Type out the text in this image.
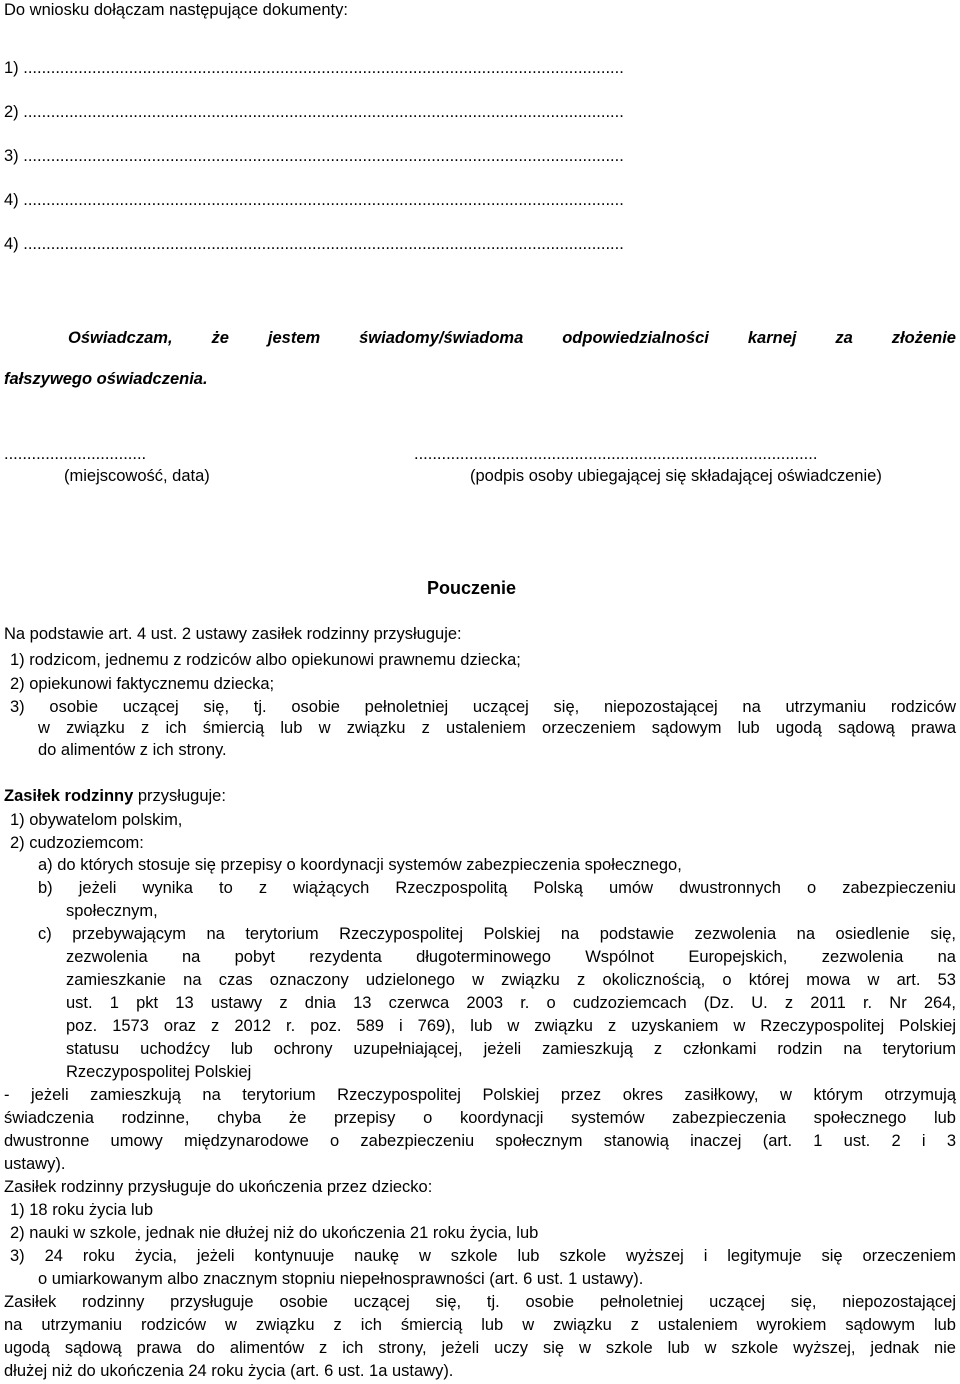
Do wniosku dołączam następujące dokumenty:
1) ...................................................................................................................................
2) ...................................................................................................................................
3) ...................................................................................................................................
4) ...................................................................................................................................
4) ...................................................................................................................................
Oświadczam, że jestem świadomy/świadoma odpowiedzialności karnej za złożenie
fałszywego oświadczenia.
...............................
(miejscowość, data)
........................................................................................
(podpis osoby ubiegającej się składającej oświadczenie)
Pouczenie
Na podstawie art. 4 ust. 2 ustawy zasiłek rodzinny przysługuje:
1) rodzicom, jednemu z rodziców albo opiekunowi prawnemu dziecka;
2) opiekunowi faktycznemu dziecka;
3) osobie uczącej się, tj. osobie pełnoletniej uczącej się, niepozostającej na utrzymaniu rodziców
w związku z ich śmiercią lub w związku z ustaleniem orzeczeniem sądowym lub ugodą sądową prawa
do alimentów z ich strony.
Zasiłek rodzinny przysługuje:
1) obywatelom polskim,
2) cudzoziemcom:
a) do których stosuje się przepisy o koordynacji systemów zabezpieczenia społecznego,
b) jeżeli wynika to z wiążących Rzeczpospolitą Polską umów dwustronnych o zabezpieczeniu
społecznym,
c) przebywającym na terytorium Rzeczypospolitej Polskiej na podstawie zezwolenia na osiedlenie się,
zezwolenia na pobyt rezydenta długoterminowego Wspólnot Europejskich, zezwolenia na
zamieszkanie na czas oznaczony udzielonego w związku z okolicznością, o której mowa w art. 53
ust. 1 pkt 13 ustawy z dnia 13 czerwca 2003 r. o cudzoziemcach (Dz. U. z 2011 r. Nr 264,
poz. 1573 oraz z 2012 r. poz. 589 i 769), lub w związku z uzyskaniem w Rzeczypospolitej Polskiej
statusu uchodźcy lub ochrony uzupełniającej, jeżeli zamieszkują z członkami rodzin na terytorium
Rzeczypospolitej Polskiej
- jeżeli zamieszkują na terytorium Rzeczypospolitej Polskiej przez okres zasiłkowy, w którym otrzymują
świadczenia rodzinne, chyba że przepisy o koordynacji systemów zabezpieczenia społecznego lub
dwustronne umowy międzynarodowe o zabezpieczeniu społecznym stanowią inaczej (art. 1 ust. 2 i 3
ustawy).
Zasiłek rodzinny przysługuje do ukończenia przez dziecko:
1) 18 roku życia lub
2) nauki w szkole, jednak nie dłużej niż do ukończenia 21 roku życia, lub
3) 24 roku życia, jeżeli kontynuuje naukę w szkole lub szkole wyższej i legitymuje się orzeczeniem
o umiarkowanym albo znacznym stopniu niepełnosprawności (art. 6 ust. 1 ustawy).
Zasiłek rodzinny przysługuje osobie uczącej się, tj. osobie pełnoletniej uczącej się, niepozostającej
na utrzymaniu rodziców w związku z ich śmiercią lub w związku z ustaleniem wyrokiem sądowym lub
ugodą sądową prawa do alimentów z ich strony, jeżeli uczy się w szkole lub w szkole wyższej, jednak nie
dłużej niż do ukończenia 24 roku życia (art. 6 ust. 1a ustawy).
